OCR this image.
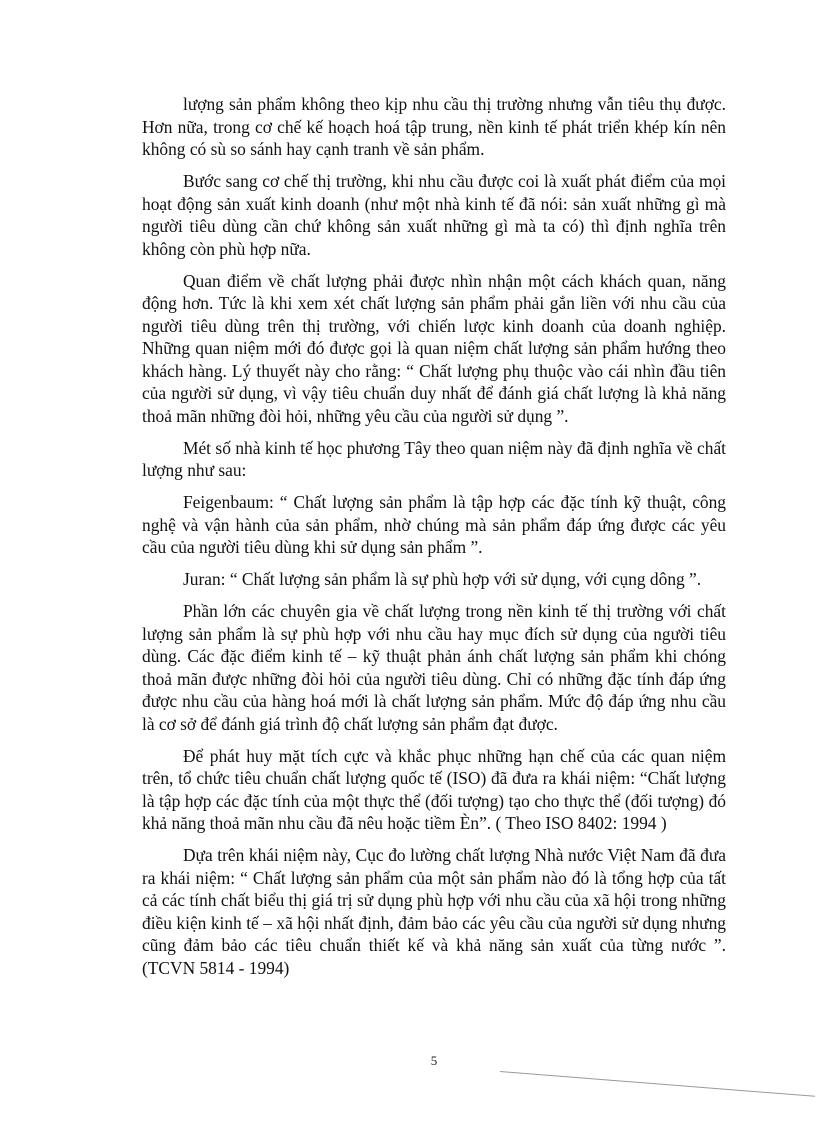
lượng sản phẩm không theo kịp nhu cầu thị trường nhưng vẫn tiêu thụ được. Hơn nữa, trong cơ chế kế hoạch hoá tập trung, nền kinh tế phát triển khép kín nên không có sù so sánh hay cạnh tranh về sản phẩm.

Bước sang cơ chế thị trường, khi nhu cầu được coi là xuất phát điểm của mọi hoạt động sản xuất kinh doanh (như một nhà kinh tế đã nói: sản xuất những gì mà người tiêu dùng cần chứ không sản xuất những gì mà ta có) thì định nghĩa trên không còn phù hợp nữa.

Quan điểm về chất lượng phải được nhìn nhận một cách khách quan, năng động hơn. Tức là khi xem xét chất lượng sản phẩm phải gắn liền với nhu cầu của người tiêu dùng trên thị trường, với chiến lược kinh doanh của doanh nghiệp. Những quan niệm mới đó được gọi là quan niệm chất lượng sản phẩm hướng theo khách hàng. Lý thuyết này cho rằng: “ Chất lượng phụ thuộc vào cái nhìn đầu tiên của người sử dụng, vì vậy tiêu chuẩn duy nhất để đánh giá chất lượng là khả năng thoả mãn những đòi hỏi, những yêu cầu của người sử dụng ”.

Mét số nhà kinh tế học phương Tây theo quan niệm này đã định nghĩa về chất lượng như sau:

Feigenbaum: “ Chất lượng sản phẩm là tập hợp các đặc tính kỹ thuật, công nghệ và vận hành của sản phẩm, nhờ chúng mà sản phẩm đáp ứng được các yêu cầu của người tiêu dùng khi sử dụng sản phẩm ”.

Juran: “ Chất lượng sản phẩm là sự phù hợp với sử dụng, với cụng dông ”.

Phần lớn các chuyên gia về chất lượng trong nền kinh tế thị trường với chất lượng sản phẩm là sự phù hợp với nhu cầu hay mục đích sử dụng của người tiêu dùng. Các đặc điểm kinh tế – kỹ thuật phản ánh chất lượng sản phẩm khi chóng thoả mãn được những đòi hỏi của người tiêu dùng. Chỉ có những đặc tính đáp ứng được nhu cầu của hàng hoá mới là chất lượng sản phẩm. Mức độ đáp ứng nhu cầu là cơ sở để đánh giá trình độ chất lượng sản phẩm đạt được.

Để phát huy mặt tích cực và khắc phục những hạn chế của các quan niệm trên, tổ chức tiêu chuẩn chất lượng quốc tế (ISO) đã đưa ra khái niệm: “Chất lượng là tập hợp các đặc tính của một thực thể (đối tượng) tạo cho thực thể (đối tượng) đó khả năng thoả mãn nhu cầu đã nêu hoặc tiềm Èn”. ( Theo ISO 8402: 1994 )

Dựa trên khái niệm này, Cục đo lường chất lượng Nhà nước Việt Nam đã đưa ra khái niệm: “ Chất lượng sản phẩm của một sản phẩm nào đó là tổng hợp của tất cả các tính chất biểu thị giá trị sử dụng phù hợp với nhu cầu của xã hội trong những điều kiện kinh tế – xã hội nhất định, đảm bảo các yêu cầu của người sử dụng nhưng cũng đảm bảo các tiêu chuẩn thiết kế và khả năng sản xuất của từng nước ”. (TCVN 5814 - 1994)

5
